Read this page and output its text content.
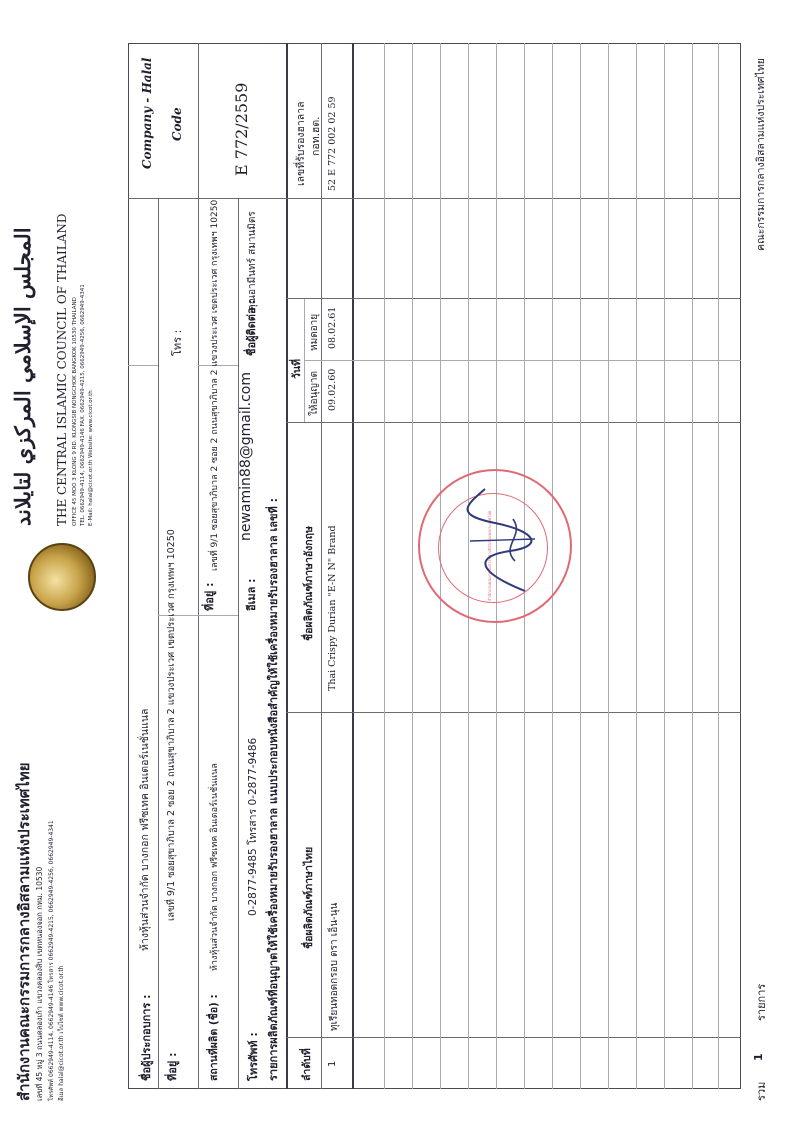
สำนักงานคณะกรรมการกลางอิสลามแห่งประเทศไทย เลขที่ 45 หมู่ 3 ถนนคลองเก้า แขวงคลองสิบ เขตหนองจอก กทม. 10530 โทรศัพท์ 0662949-4114, 0662949-4146 โทรสาร 0662949-4215, 0662949-4256, 0662949-4341 อีเมล halal@cicot.or.th เว็บไซต์ www.cicot.or.th
المجلس الإسلامي المركزي لتايلاند THE CENTRAL ISLAMIC COUNCIL OF THAILAND OFFICE 45 MOO 3 KLONG 9 RD. KLONGSIB NONGCHOK BANGKOK 10530 THAILAND TEL. 0662949-4114, 0662949-4146 FAX. 0662949-4215, 0662949-4256, 0662949-4341 E-Mail: halal@cicot.or.th Website: www.cicot.or.th
ชื่อผู้ประกอบการ :
ห้างหุ้นส่วนจำกัด บางกอก ฟรีซเทค อินเตอร์เนชั่นแนล
ที่อยู่ :
เลขที่ 9/1 ซอยสุขาภิบาล 2 ซอย 2 ถนนสุขาภิบาล 2 แขวงประเวศ เขตประเวศ กรุงเทพฯ 10250
โทร :
สถานที่ผลิต (ชื่อ) :
ห้างหุ้นส่วนจำกัด บางกอก ฟรีซเทค อินเตอร์เนชั่นแนล
ที่อยู่ :
เลขที่ 9/1 ซอยสุขาภิบาล 2 ซอย 2 ถนนสุขาภิบาล 2 แขวงประเวศ เขตประเวศ กรุงเทพฯ 10250
โทรศัพท์ :
0-2877-9485 โทรสาร 0-2877-9486
อีเมล :
newamin88@gmail.com
ชื่อผู้ติดต่อ :
คุณอามีนทร์ สมานมิตร
รายการผลิตภัณฑ์ที่อนุญาตให้ใช้เครื่องหมายรับรองฮาลาล แนบประกอบหนังสือสำคัญให้ใช้เครื่องหมายรับรองฮาลาล เลขที่ :
Company - Halal Code	E 772/2559
ลำดับที่
ชื่อผลิตภัณฑ์ภาษาไทย
ชื่อผลิตภัณฑ์ภาษาอังกฤษ
วันที่
ให้อนุญาต
หมดอายุ
เลขที่รับรองฮาลาล กอท.ฮต.
1
ทุเรียนทอดกรอบ ตรา เอ็น-นุน
Thai Crispy Durian "E-N N" Brand
09.02.60
08.02.61
52 E 772 002 02 59
สำนักงานคณะกรรมการกลางอิสลามแห่งประเทศไทย
รวม
1
รายการ
คณะกรรมการกลางอิสลามแห่งประเทศไทย
